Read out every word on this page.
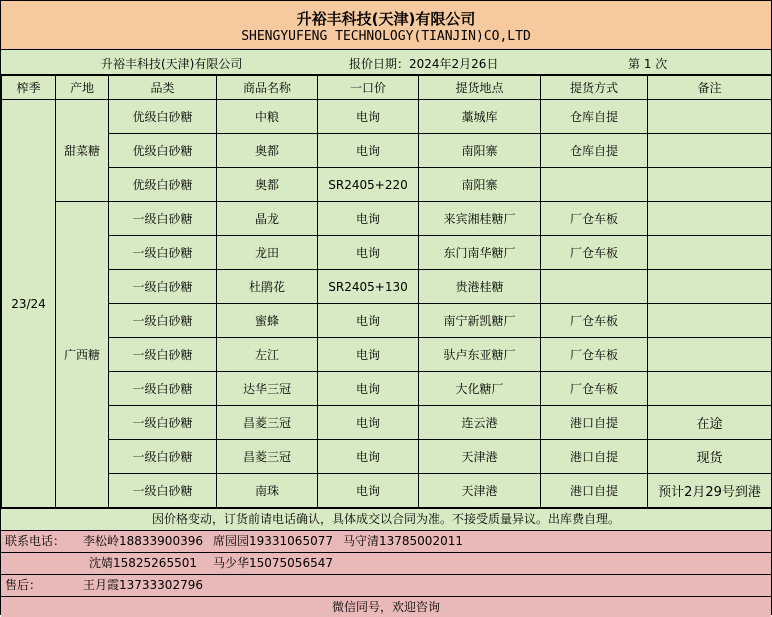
升裕丰科技(天津)有限公司
SHENGYUFENG TECHNOLOGY(TIANJIN)CO,LTD
升裕丰科技(天津)有限公司	报价日期：2024年2月26日	第 1 次
榨季	产地	品类	商品名称	一口价	提货地点	提货方式	备注
23/24	甜菜糖	优级白砂糖	中粮	电询	藁城库	仓库自提	
		优级白砂糖	奥都	电询	南阳寨	仓库自提	
		优级白砂糖	奥都	SR2405+220	南阳寨		
	广西糖	一级白砂糖	晶龙	电询	来宾湘桂糖厂	厂仓车板	
		一级白砂糖	龙田	电询	东门南华糖厂	厂仓车板	
		一级白砂糖	杜鹃花	SR2405+130	贵港桂糖		
		一级白砂糖	蜜蜂	电询	南宁新凯糖厂	厂仓车板	
		一级白砂糖	左江	电询	驮卢东亚糖厂	厂仓车板	
		一级白砂糖	达华三冠	电询	大化糖厂	厂仓车板	
		一级白砂糖	昌菱三冠	电询	连云港	港口自提	在途
		一级白砂糖	昌菱三冠	电询	天津港	港口自提	现货
		一级白砂糖	南珠	电询	天津港	港口自提	预计2月29号到港
因价格变动，订货前请电话确认，具体成交以合同为准。不接受质量异议。出库费自理。
联系电话： 李松岭18833900396 席园园19331065077 马守清13785002011
沈婧15825265501 马少华15075056547
售后：	王月霞13733302796
微信同号，欢迎咨询
